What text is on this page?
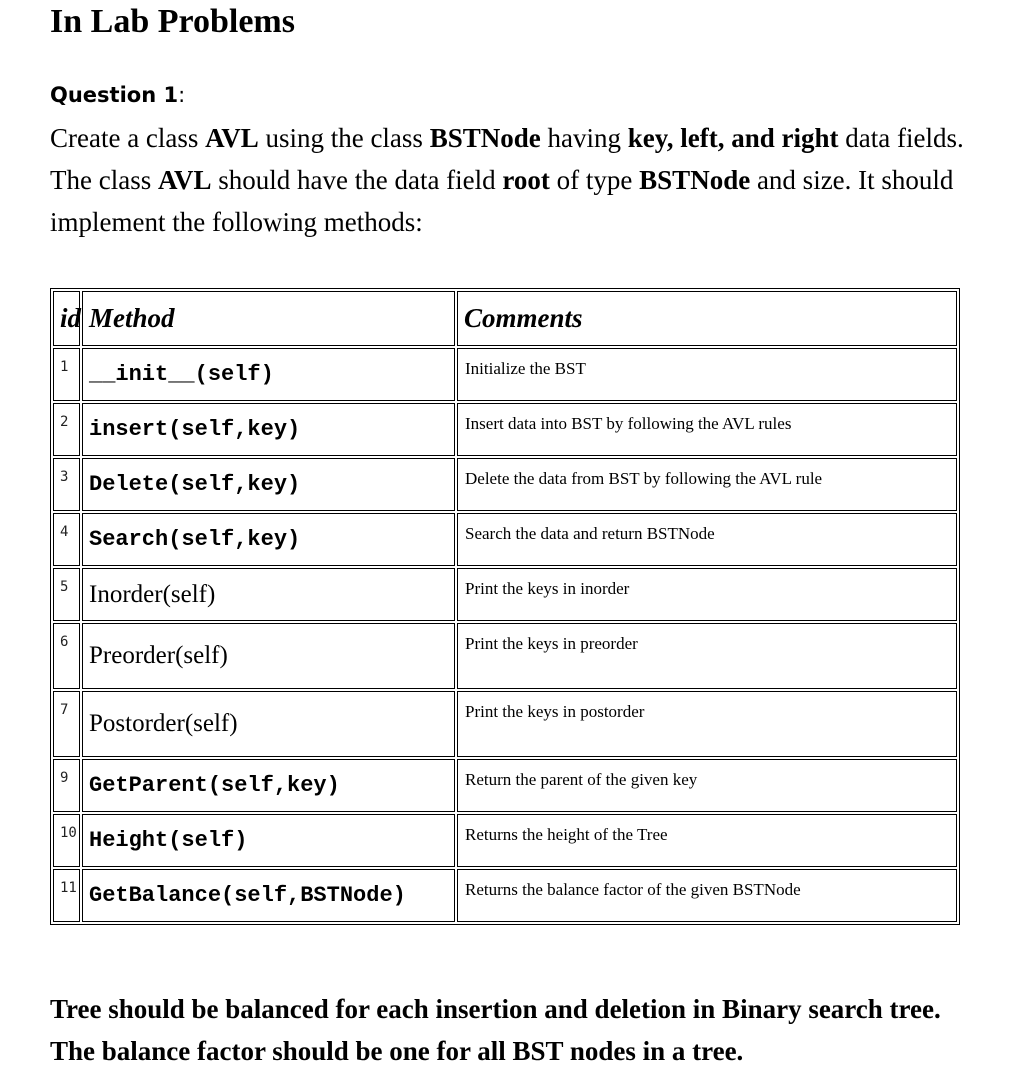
In Lab Problems

Question 1:

Create a class AVL using the class BSTNode having key, left, and right data fields. The class AVL should have the data field root of type BSTNode and size. It should implement the following methods:

id	Method	Comments
1	__init__(self)	Initialize the BST
2	insert(self,key)	Insert data into BST by following the AVL rules
3	Delete(self,key)	Delete the data from BST by following the AVL rule
4	Search(self,key)	Search the data and return BSTNode
5	Inorder(self)	Print the keys in inorder
6	Preorder(self)	Print the keys in preorder
7	Postorder(self)	Print the keys in postorder
9	GetParent(self,key)	Return the parent of the given key
10	Height(self)	Returns the height of the Tree
11	GetBalance(self,BSTNode)	Returns the balance factor of the given BSTNode

Tree should be balanced for each insertion and deletion in Binary search tree. The balance factor should be one for all BST nodes in a tree.
